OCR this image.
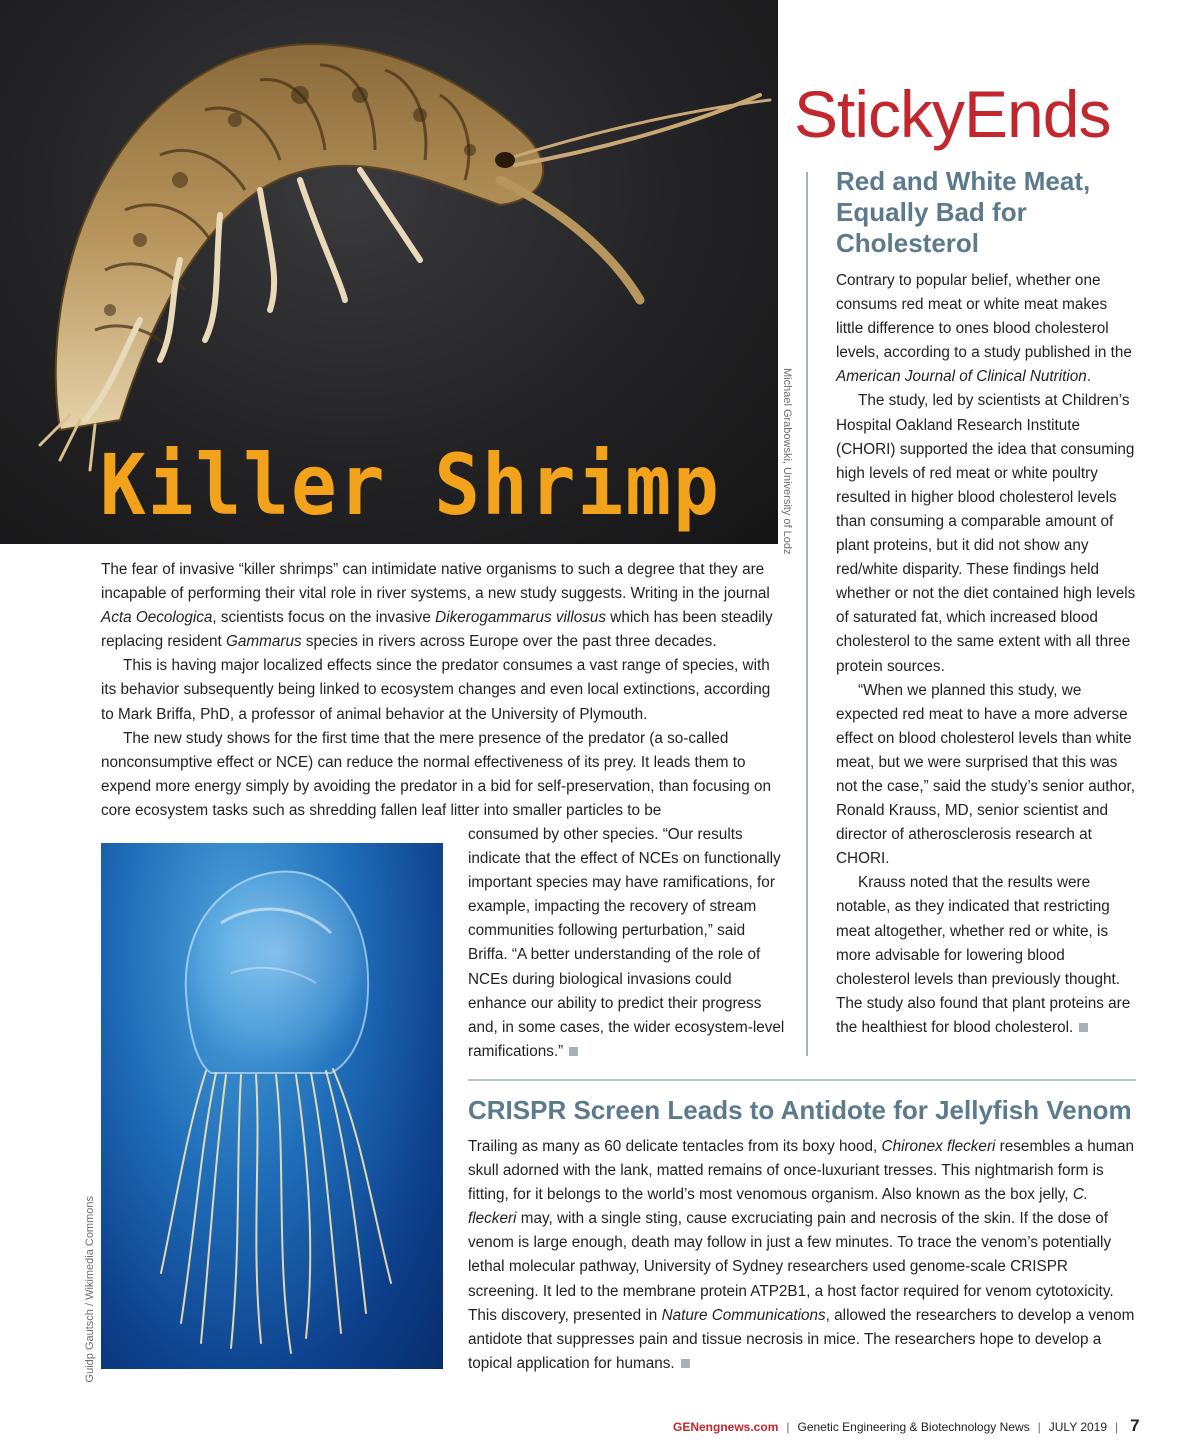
Killer Shrimp	Michael Grabowski, University of Lodz
StickyEnds

The fear of invasive “killer shrimps” can intimidate native organisms to such a degree that they are incapable of performing their vital role in river systems, a new study suggests. Writing in the journal Acta Oecologica, scientists focus on the invasive Dikerogammarus villosus which has been steadily replacing resident Gammarus species in rivers across Europe over the past three decades.

This is having major localized effects since the predator consumes a vast range of species, with its behavior subsequently being linked to ecosystem changes and even local extinctions, according to Mark Briffa, PhD, a professor of animal behavior at the University of Plymouth.

The new study shows for the first time that the mere presence of the predator (a so-called nonconsumptive effect or NCE) can reduce the normal effectiveness of its prey. It leads them to expend more energy simply by avoiding the predator in a bid for self-preservation, than focusing on core ecosystem tasks such as shredding fallen leaf litter into smaller particles to be

consumed by other species. “Our results indicate that the effect of NCEs on functionally important species may have ramifications, for example, impacting the recovery of stream communities following perturbation,” said Briffa. “A better understanding of the role of NCEs during biological invasions could enhance our ability to predict their progress and, in some cases, the wider ecosystem-level ramifications.”

Guidp Gautsch / Wikimedia Commons
Red and White Meat, Equally Bad for Cholesterol

Contrary to popular belief, whether one consums red meat or white meat makes little difference to ones blood cholesterol levels, according to a study published in the American Journal of Clinical Nutrition.

The study, led by scientists at Children’s Hospital Oakland Research Institute (CHORI) supported the idea that consuming high levels of red meat or white poultry resulted in higher blood cholesterol levels than consuming a comparable amount of plant proteins, but it did not show any red/white disparity. These findings held whether or not the diet contained high levels of saturated fat, which increased blood cholesterol to the same extent with all three protein sources.

“When we planned this study, we expected red meat to have a more adverse effect on blood cholesterol levels than white meat, but we were surprised that this was not the case,” said the study’s senior author, Ronald Krauss, MD, senior scientist and director of atherosclerosis research at CHORI.

Krauss noted that the results were notable, as they indicated that restricting meat altogether, whether red or white, is more advisable for lowering blood cholesterol levels than previously thought. The study also found that plant proteins are the healthiest for blood cholesterol.

CRISPR Screen Leads to Antidote for Jellyfish Venom

Trailing as many as 60 delicate tentacles from its boxy hood, Chironex fleckeri resembles a human skull adorned with the lank, matted remains of once-luxuriant tresses. This nightmarish form is fitting, for it belongs to the world’s most venomous organism. Also known as the box jelly, C. fleckeri may, with a single sting, cause excruciating pain and necrosis of the skin. If the dose of venom is large enough, death may follow in just a few minutes. To trace the venom’s potentially lethal molecular pathway, University of Sydney researchers used genome-scale CRISPR screening. It led to the membrane protein ATP2B1, a host factor required for venom cytotoxicity. This discovery, presented in Nature Communications, allowed the researchers to develop a venom antidote that suppresses pain and tissue necrosis in mice. The researchers hope to develop a topical application for humans.

GENengnews.com | Genetic Engineering & Biotechnology News | JULY 2019 | 7
